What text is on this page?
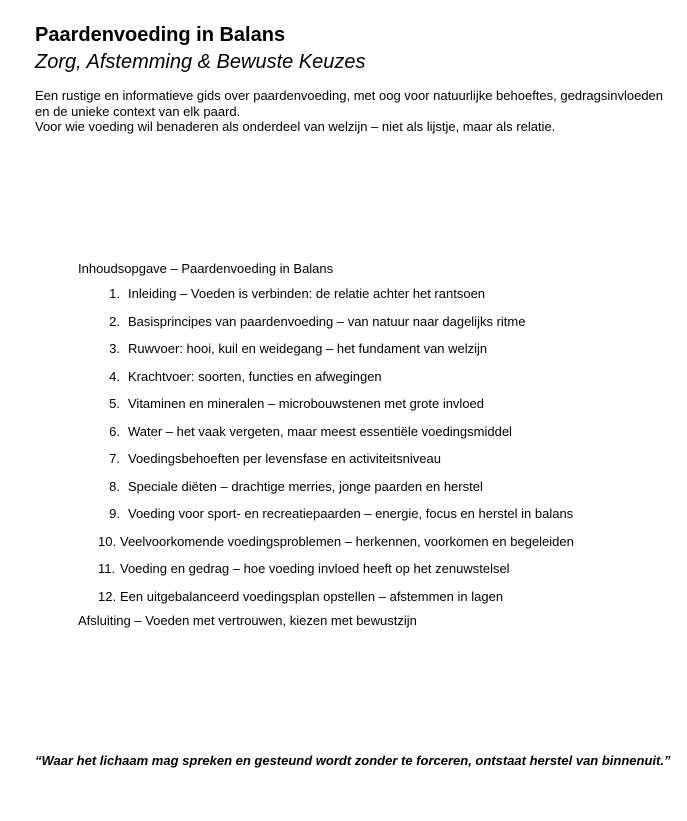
Paardenvoeding in Balans
Zorg, Afstemming & Bewuste Keuzes

Een rustige en informatieve gids over paardenvoeding, met oog voor natuurlijke behoeftes, gedragsinvloeden en de unieke context van elk paard.

Voor wie voeding wil benaderen als onderdeel van welzijn – niet als lijstje, maar als relatie.

Inhoudsopgave – Paardenvoeding in Balans
1. Inleiding – Voeden is verbinden: de relatie achter het rantsoen
2. Basisprincipes van paardenvoeding – van natuur naar dagelijks ritme
3. Ruwvoer: hooi, kuil en weidegang – het fundament van welzijn
4. Krachtvoer: soorten, functies en afwegingen
5. Vitaminen en mineralen – microbouwstenen met grote invloed
6. Water – het vaak vergeten, maar meest essentiële voedingsmiddel
7. Voedingsbehoeften per levensfase en activiteitsniveau
8. Speciale diëten – drachtige merries, jonge paarden en herstel
9. Voeding voor sport- en recreatiepaarden – energie, focus en herstel in balans
10. Veelvoorkomende voedingsproblemen – herkennen, voorkomen en begeleiden
11. Voeding en gedrag – hoe voeding invloed heeft op het zenuwstelsel
12. Een uitgebalanceerd voedingsplan opstellen – afstemmen in lagen
Afsluiting – Voeden met vertrouwen, kiezen met bewustzijn

“Waar het lichaam mag spreken en gesteund wordt zonder te forceren, ontstaat herstel van binnenuit.”
